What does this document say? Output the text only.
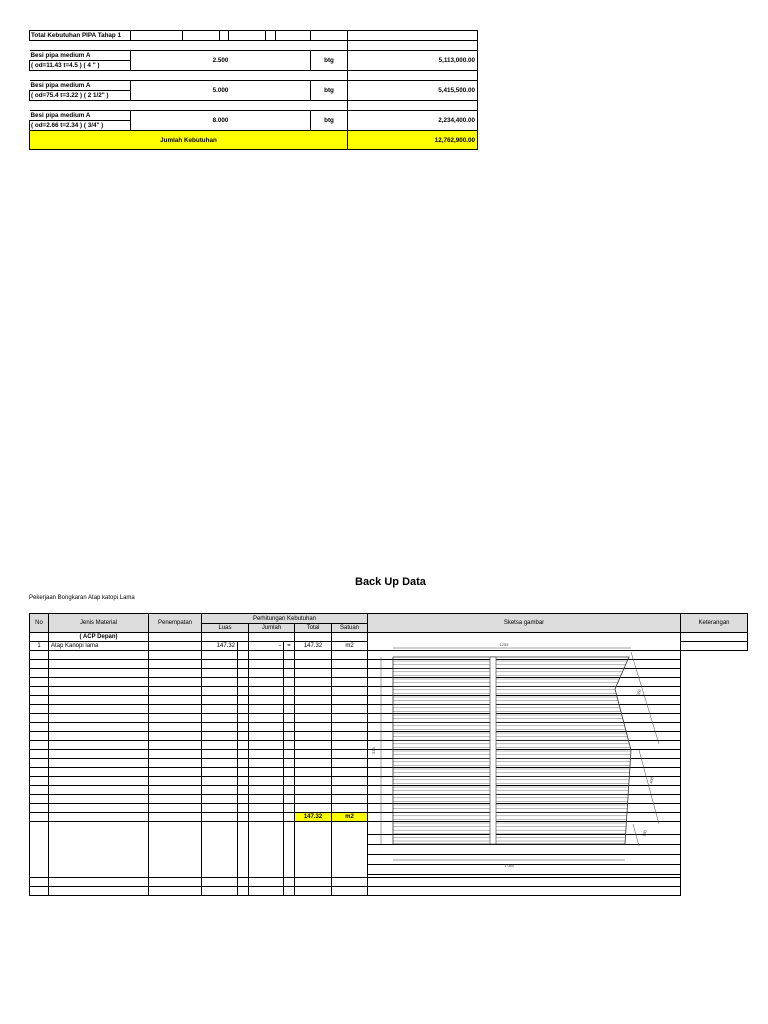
Total Kebutuhan PIPA Tahap 1								

Besi pipa medium A	2.500						btg	5,113,000.00
( od=11.43 t=4.5 ) ( 4 '' )								

Besi pipa medium A	5.000						btg	5,415,500.00
( od=75.4 t=3.22 ) ( 2 1/2" )								

Besi pipa medium A	8.000						btg	2,234,400.00
( od=2.66 t=2.34 ) ( 3/4" )								
Jumlah Kebutuhan								12,762,900.00
Back Up Data
Pekerjaan Bongkaran Atap katopi Lama
No	Jenis Material	Penempatan	Perhitungan Kebutuhan						Sketsa gambar	Keterangan
			Luas		Jumlah		Total	Satuan		
	( ACP Depan)									
1	Atap Kanopi lama		147.32		-	=	147.32	m2		

							147.32	m2		

1255
1 080
338
360
408
190
